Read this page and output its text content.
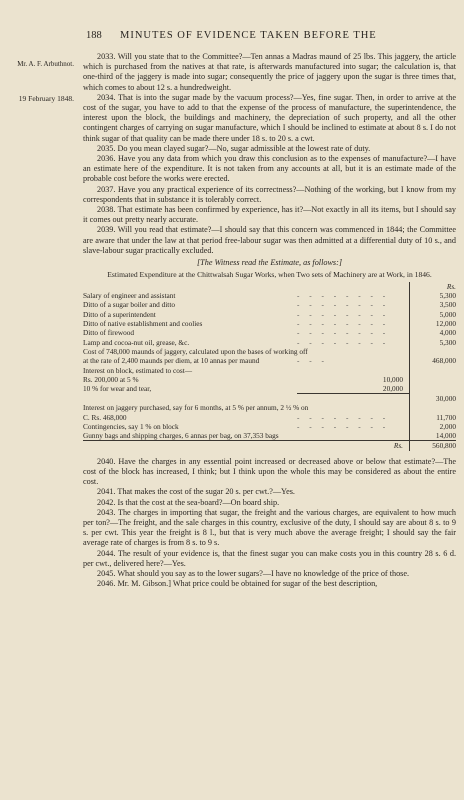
188 MINUTES OF EVIDENCE TAKEN BEFORE THE
Mr. A. F. Arbuthnot.
19 February 1848.

2033. Will you state that to the Committee?—Ten annas a Madras maund of 25 lbs. This jaggery, the article which is purchased from the natives at that rate, is afterwards manufactured into sugar; the calculation is, that one-third of the jaggery is made into sugar; consequently the price of jaggery upon the sugar is three times that, which comes to about 12 s. a hundredweight.

2034. That is into the sugar made by the vacuum process?—Yes, fine sugar. Then, in order to arrive at the cost of the sugar, you have to add to that the expense of the process of manufacture, the superintendence, the interest upon the block, the buildings and machinery, the depreciation of such property, and all the other contingent charges of carrying on sugar manufacture, which I should be inclined to estimate at about 8 s. I do not think sugar of that quality can be made there under 18 s. to 20 s. a cwt.

2035. Do you mean clayed sugar?—No, sugar admissible at the lowest rate of duty.

2036. Have you any data from which you draw this conclusion as to the expenses of manufacture?—I have an estimate here of the expenditure. It is not taken from any accounts at all, but it is an estimate made of the probable cost before the works were erected.

2037. Have you any practical experience of its correctness?—Nothing of the working, but I know from my correspondents that in substance it is tolerably correct.

2038. That estimate has been confirmed by experience, has it?—Not exactly in all its items, but I should say it comes out pretty nearly accurate.

2039. Will you read that estimate?—I should say that this concern was commenced in 1844; the Committee are aware that under the law at that period free-labour sugar was then admitted at a differential duty of 10 s., and slave-labour sugar practically excluded.

[The Witness read the Estimate, as follows:]

Estimated Expenditure at the Chittwalsah Sugar Works, when Two sets of Machinery are at Work, in 1846.

		Rs.
Salary of engineer and assistant	- - - - - - - -	5,300
Ditto of a sugar boiler and ditto	- - - - - - - -	3,500
Ditto of a superintendent	- - - - - - - -	5,000
Ditto of native establishment and coolies	- - - - - - - -	12,000
Ditto of firewood	- - - - - - - -	4,000
Lamp and cocoa-nut oil, grease, &c.	- - - - - - - -	5,300
Cost of 748,000 maunds of jaggery, calculated upon the bases of working off		
at the rate of 2,400 maunds per diem, at 10 annas per maund	- - -	468,000
Interest on block, estimated to cost—		
Rs. 200,000 at 5 %	10,000	
10 % for wear and tear,	20,000	
		30,000
Interest on jaggery purchased, say for 6 months, at 5 % per annum, 2 ½ % on		
C. Rs. 468,000	- - - - - - - -	11,700
Contingencies, say 1 % on block	- - - - - - - -	2,000
Gunny bags and shipping charges, 6 annas per bag, on 37,353 bags		14,000
	Rs.	560,800

2040. Have the charges in any essential point increased or decreased above or below that estimate?—The cost of the block has increased, I think; but I think upon the whole this may be considered as about the entire cost.

2041. That makes the cost of the sugar 20 s. per cwt.?—Yes.

2042. Is that the cost at the sea-board?—On board ship.

2043. The charges in importing that sugar, the freight and the various charges, are equivalent to how much per ton?—The freight, and the sale charges in this country, exclusive of the duty, I should say are about 8 s. to 9 s. per cwt. This year the freight is 8 l., but that is very much above the average freight; I should say the fair average rate of charges is from 8 s. to 9 s.

2044. The result of your evidence is, that the finest sugar you can make costs you in this country 28 s. 6 d. per cwt., delivered here?—Yes.

2045. What should you say as to the lower sugars?—I have no knowledge of the price of those.

2046. Mr. M. Gibson.] What price could be obtained for sugar of the best description,
